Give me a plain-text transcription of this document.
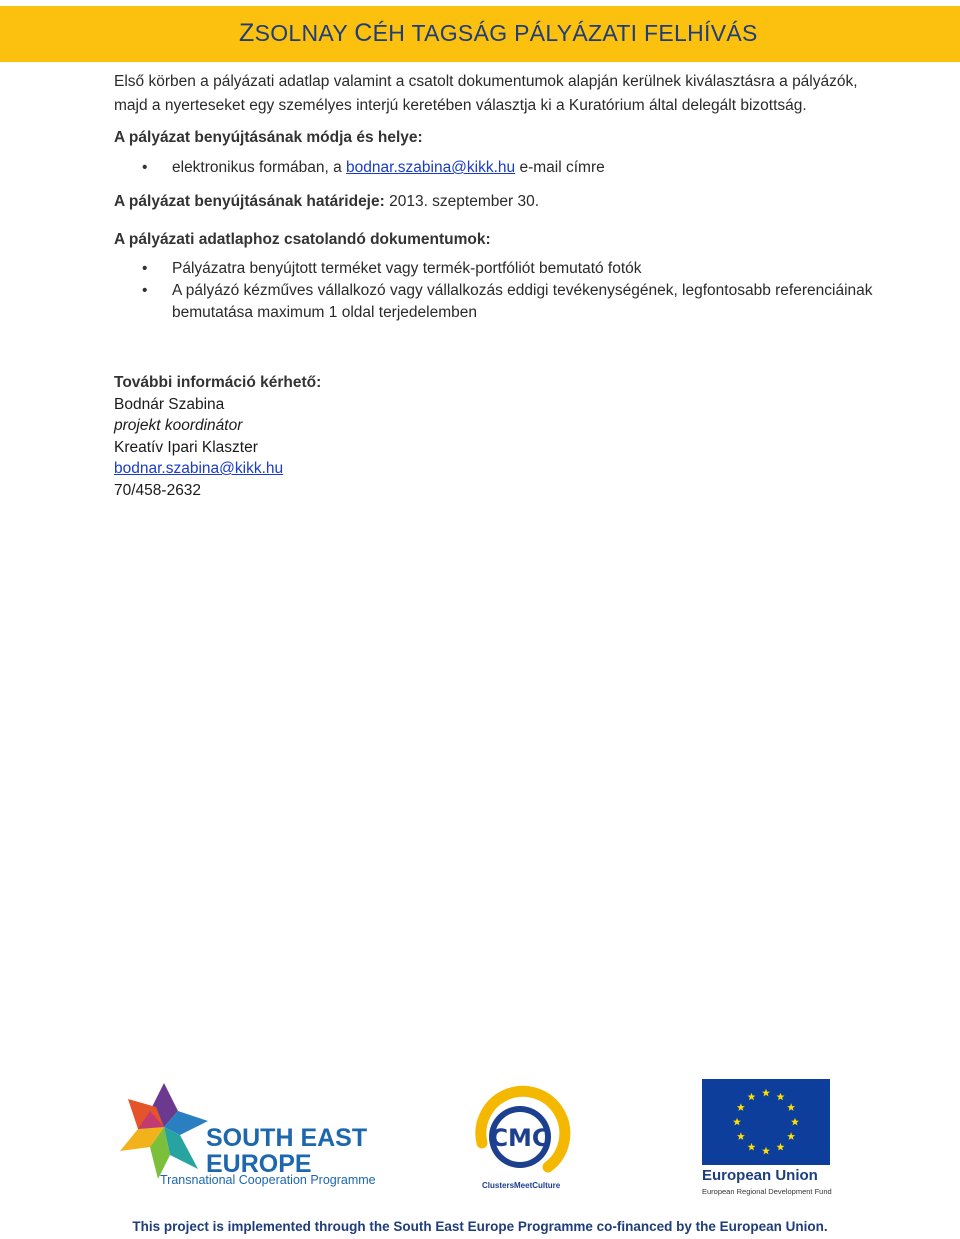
ZSOLNAY CÉH TAGSÁG PÁLYÁZATI FELHÍVÁS

Első körben a pályázati adatlap valamint a csatolt dokumentumok alapján kerülnek kiválasztásra a pályázók, majd a nyerteseket egy személyes interjú keretében választja ki a Kuratórium által delegált bizottság.

A pályázat benyújtásának módja és helye:

• elektronikus formában, a bodnar.szabina@kikk.hu e-mail címre

A pályázat benyújtásának határideje: 2013. szeptember 30.

A pályázati adatlaphoz csatolandó dokumentumok:

• Pályázatra benyújtott terméket vagy termék-portfóliót bemutató fotók
• A pályázó kézműves vállalkozó vagy vállalkozás eddigi tevékenységének, legfontosabb referenciáinak bemutatása maximum 1 oldal terjedelemben

További információ kérhető:

Bodnár Szabina

projekt koordinátor

Kreatív Ipari Klaszter

bodnar.szabina@kikk.hu

70/458-2632

SOUTH EAST
EUROPE
Transnational Cooperation Programme
CMC
ClustersMeetCulture
European Union
European Regional Development Fund
This project is implemented through the South East Europe Programme co-financed by the European Union.
